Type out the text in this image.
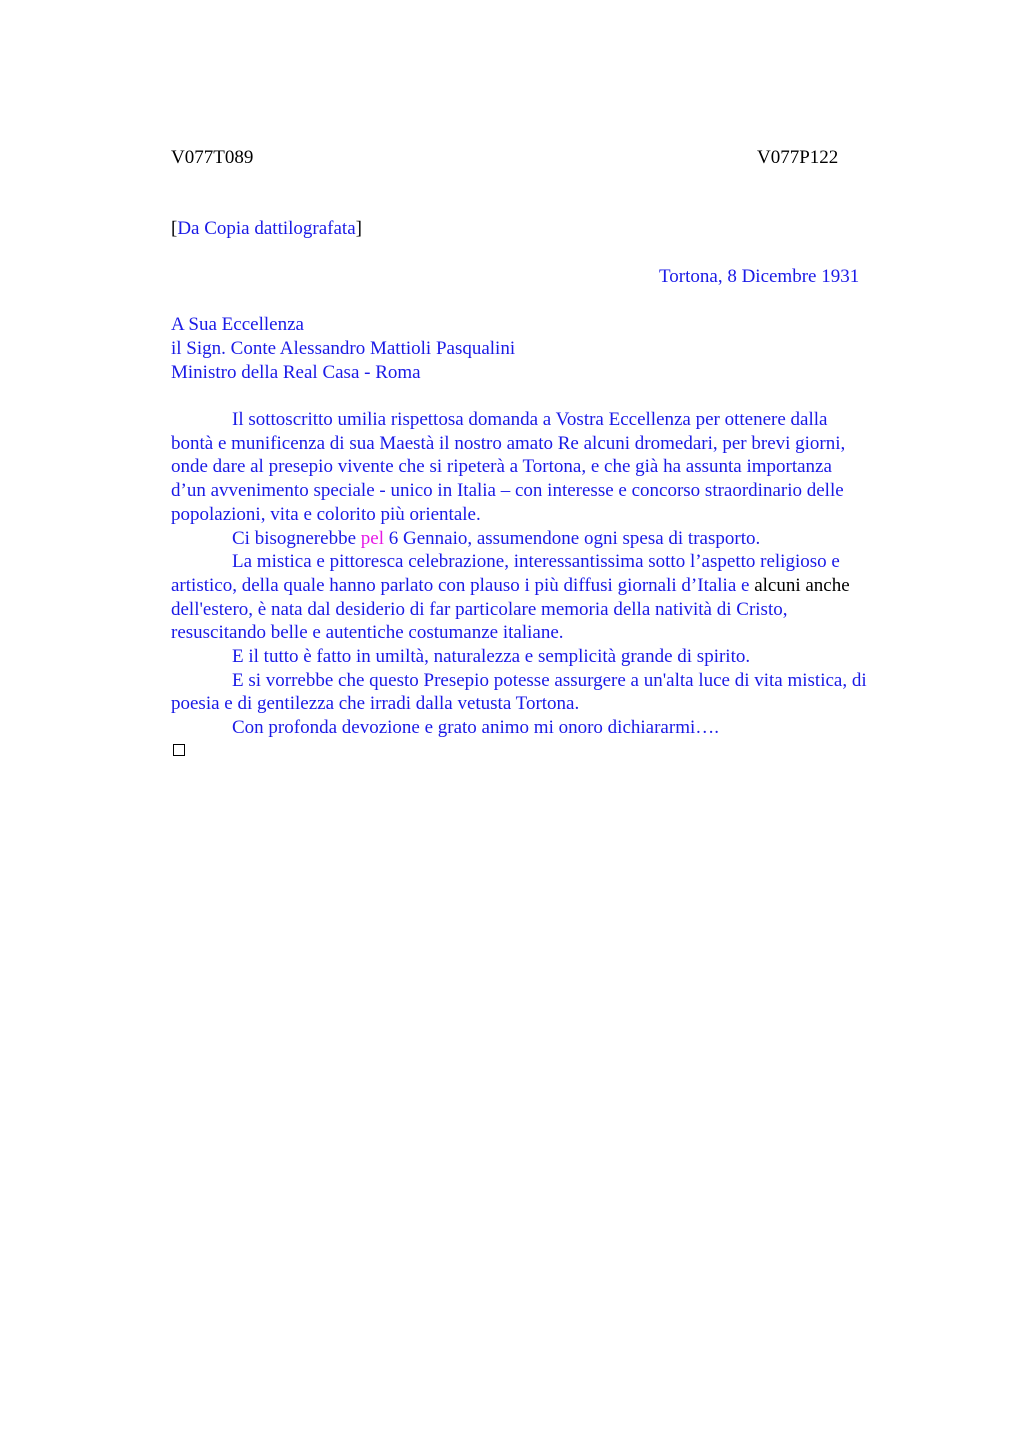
V077T089	V077P122
[Da Copia dattilografata]
Tortona, 8 Dicembre 1931
A Sua Eccellenza
il Sign. Conte Alessandro Mattioli Pasqualini
Ministro della Real Casa - Roma

Il sottoscritto umilia rispettosa domanda a Vostra Eccellenza per ottenere dalla

bontà e munificenza di sua Maestà il nostro amato Re alcuni dromedari, per brevi giorni,

onde dare al presepio vivente che si ripeterà a Tortona, e che già ha assunta importanza

d’un avvenimento speciale - unico in Italia – con interesse e concorso straordinario delle

popolazioni, vita e colorito più orientale.

Ci bisognerebbe pel 6 Gennaio, assumendone ogni spesa di trasporto.

La mistica e pittoresca celebrazione, interessantissima sotto l’aspetto religioso e

artistico, della quale hanno parlato con plauso i più diffusi giornali d’Italia e alcuni anche

dell'estero, è nata dal desiderio di far particolare memoria della natività di Cristo,

resuscitando belle e autentiche costumanze italiane.

E il tutto è fatto in umiltà, naturalezza e semplicità grande di spirito.

E si vorrebbe che questo Presepio potesse assurgere a un'alta luce di vita mistica, di

poesia e di gentilezza che irradi dalla vetusta Tortona.

Con profonda devozione e grato animo mi onoro dichiararmi….
